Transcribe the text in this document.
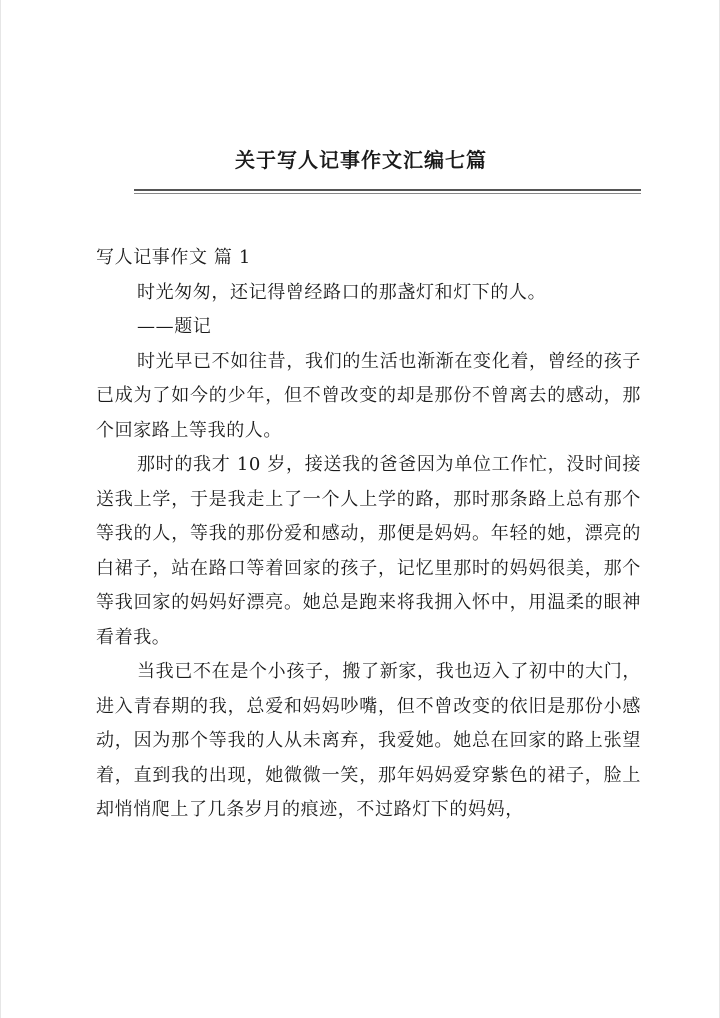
关于写人记事作文汇编七篇

写人记事作文 篇 1

时光匆匆，还记得曾经路口的那盏灯和灯下的人。

——题记

时光早已不如往昔，我们的生活也渐渐在变化着，曾经的孩子已成为了如今的少年，但不曾改变的却是那份不曾离去的感动，那个回家路上等我的人。

那时的我才 10 岁，接送我的爸爸因为单位工作忙，没时间接送我上学，于是我走上了一个人上学的路，那时那条路上总有那个等我的人，等我的那份爱和感动，那便是妈妈。年轻的她，漂亮的白裙子，站在路口等着回家的孩子，记忆里那时的妈妈很美，那个等我回家的妈妈好漂亮。她总是跑来将我拥入怀中，用温柔的眼神看着我。

当我已不在是个小孩子，搬了新家，我也迈入了初中的大门，进入青春期的我，总爱和妈妈吵嘴，但不曾改变的依旧是那份小感动，因为那个等我的人从未离弃，我爱她。她总在回家的路上张望着，直到我的出现，她微微一笑，那年妈妈爱穿紫色的裙子，脸上却悄悄爬上了几条岁月的痕迹，不过路灯下的妈妈，
